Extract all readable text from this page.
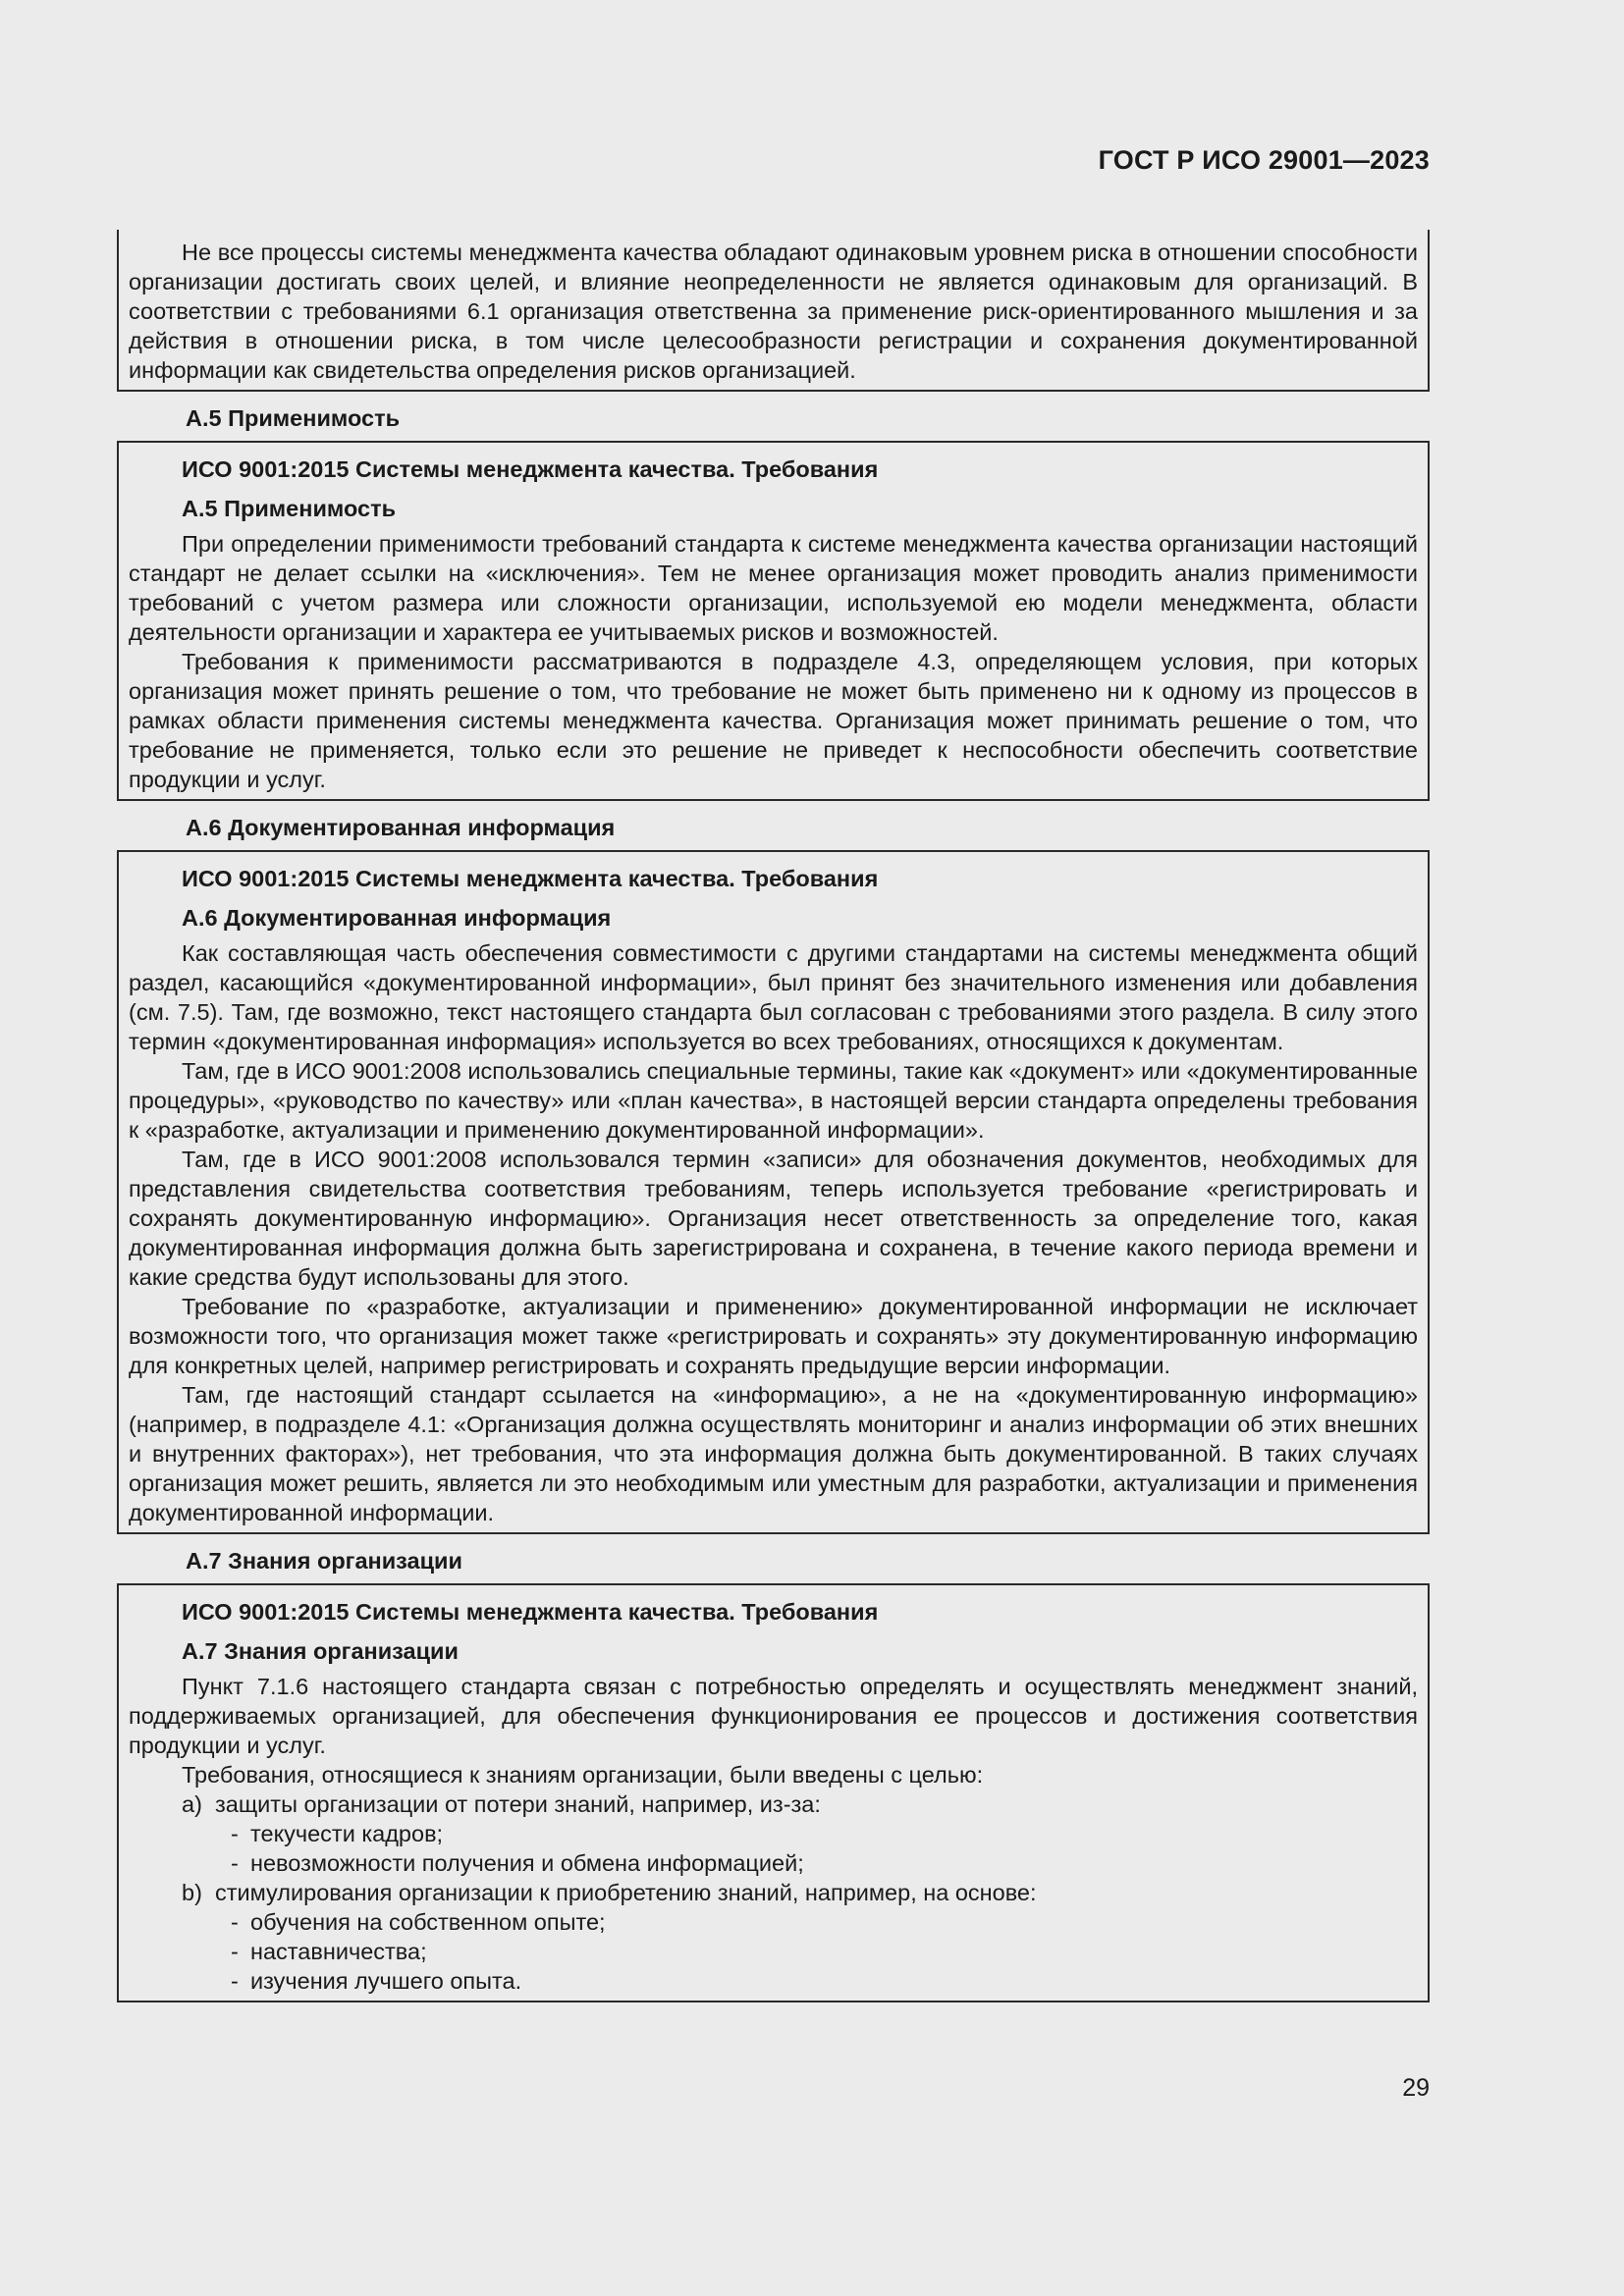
ГОСТ Р ИСО 29001—2023

Не все процессы системы менеджмента качества обладают одинаковым уровнем риска в отношении способности организации достигать своих целей, и влияние неопределенности не является одинаковым для организаций. В соответствии с требованиями 6.1 организация ответственна за применение риск-ориентированного мышления и за действия в отношении риска, в том числе целесообразности регистрации и сохранения документированной информации как свидетельства определения рисков организацией.

А.5 Применимость
ИСО 9001:2015 Системы менеджмента качества. Требования
А.5 Применимость

При определении применимости требований стандарта к системе менеджмента качества организации настоящий стандарт не делает ссылки на «исключения». Тем не менее организация может проводить анализ применимости требований с учетом размера или сложности организации, используемой ею модели менеджмента, области деятельности организации и характера ее учитываемых рисков и возможностей.

Требования к применимости рассматриваются в подразделе 4.3, определяющем условия, при которых организация может принять решение о том, что требование не может быть применено ни к одному из процессов в рамках области применения системы менеджмента качества. Организация может принимать решение о том, что требование не применяется, только если это решение не приведет к неспособности обеспечить соответствие продукции и услуг.

А.6 Документированная информация
ИСО 9001:2015 Системы менеджмента качества. Требования
А.6 Документированная информация

Как составляющая часть обеспечения совместимости с другими стандартами на системы менеджмента общий раздел, касающийся «документированной информации», был принят без значительного изменения или добавления (см. 7.5). Там, где возможно, текст настоящего стандарта был согласован с требованиями этого раздела. В силу этого термин «документированная информация» используется во всех требованиях, относящихся к документам.

Там, где в ИСО 9001:2008 использовались специальные термины, такие как «документ» или «документированные процедуры», «руководство по качеству» или «план качества», в настоящей версии стандарта определены требования к «разработке, актуализации и применению документированной информации».

Там, где в ИСО 9001:2008 использовался термин «записи» для обозначения документов, необходимых для представления свидетельства соответствия требованиям, теперь используется требование «регистрировать и сохранять документированную информацию». Организация несет ответственность за определение того, какая документированная информация должна быть зарегистрирована и сохранена, в течение какого периода времени и какие средства будут использованы для этого.

Требование по «разработке, актуализации и применению» документированной информации не исключает возможности того, что организация может также «регистрировать и сохранять» эту документированную информацию для конкретных целей, например регистрировать и сохранять предыдущие версии информации.

Там, где настоящий стандарт ссылается на «информацию», а не на «документированную информацию» (например, в подразделе 4.1: «Организация должна осуществлять мониторинг и анализ информации об этих внешних и внутренних факторах»), нет требования, что эта информация должна быть документированной. В таких случаях организация может решить, является ли это необходимым или уместным для разработки, актуализации и применения документированной информации.

А.7 Знания организации
ИСО 9001:2015 Системы менеджмента качества. Требования
А.7 Знания организации

Пункт 7.1.6 настоящего стандарта связан с потребностью определять и осуществлять менеджмент знаний, поддерживаемых организацией, для обеспечения функционирования ее процессов и достижения соответствия продукции и услуг.

Требования, относящиеся к знаниям организации, были введены с целью:

а) защиты организации от потери знаний, например, из-за:
- текучести кадров;
- невозможности получения и обмена информацией;
b) стимулирования организации к приобретению знаний, например, на основе:
- обучения на собственном опыте;
- наставничества;
- изучения лучшего опыта.
29
